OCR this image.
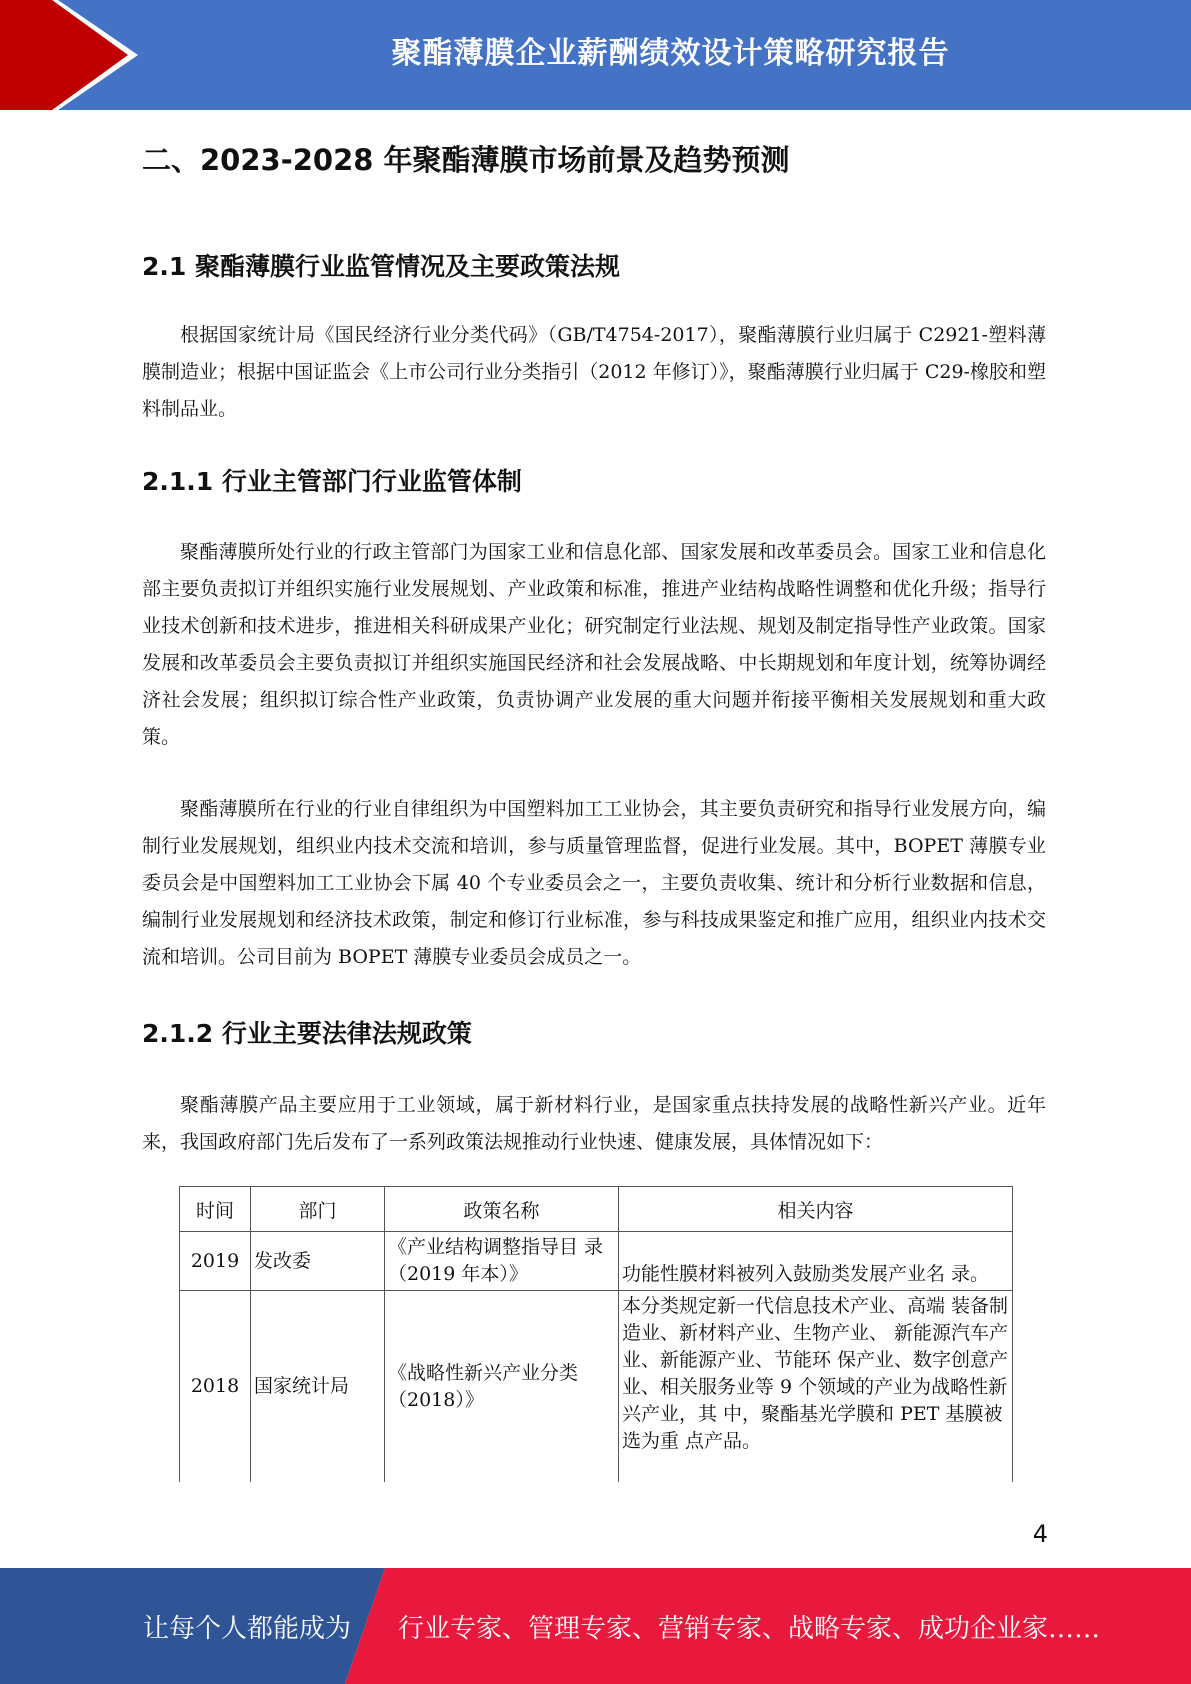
聚酯薄膜企业薪酬绩效设计策略研究报告
二、2023-2028 年聚酯薄膜市场前景及趋势预测
2.1 聚酯薄膜行业监管情况及主要政策法规

根据国家统计局《国民经济行业分类代码》（GB/T4754-2017），聚酯薄膜行业归属于 C2921-塑料薄膜制造业；根据中国证监会《上市公司行业分类指引（2012 年修订）》，聚酯薄膜行业归属于 C29-橡胶和塑料制品业。

2.1.1 行业主管部门行业监管体制

聚酯薄膜所处行业的行政主管部门为国家工业和信息化部、国家发展和改革委员会。国家工业和信息化部主要负责拟订并组织实施行业发展规划、产业政策和标准，推进产业结构战略性调整和优化升级；指导行业技术创新和技术进步，推进相关科研成果产业化；研究制定行业法规、规划及制定指导性产业政策。国家发展和改革委员会主要负责拟订并组织实施国民经济和社会发展战略、中长期规划和年度计划，统筹协调经济社会发展；组织拟订综合性产业政策，负责协调产业发展的重大问题并衔接平衡相关发展规划和重大政策。

聚酯薄膜所在行业的行业自律组织为中国塑料加工工业协会，其主要负责研究和指导行业发展方向，编制行业发展规划，组织业内技术交流和培训，参与质量管理监督，促进行业发展。其中，BOPET 薄膜专业委员会是中国塑料加工工业协会下属 40 个专业委员会之一，主要负责收集、统计和分析行业数据和信息，编制行业发展规划和经济技术政策，制定和修订行业标准，参与科技成果鉴定和推广应用，组织业内技术交流和培训。公司目前为 BOPET 薄膜专业委员会成员之一。

2.1.2 行业主要法律法规政策

聚酯薄膜产品主要应用于工业领域，属于新材料行业，是国家重点扶持发展的战略性新兴产业。近年来，我国政府部门先后发布了一系列政策法规推动行业快速、健康发展，具体情况如下：

时间	部门	政策名称	相关内容
2019	发改委	《产业结构调整指导目 录（2019 年本）》	功能性膜材料被列入鼓励类发展产业名 录。
2018	国家统计局	《战略性新兴产业分类（2018）》	本分类规定新一代信息技术产业、高端 装备制造业、新材料产业、生物产业、 新能源汽车产业、新能源产业、节能环 保产业、数字创意产业、相关服务业等 9 个领域的产业为战略性新兴产业，其 中，聚酯基光学膜和 PET 基膜被选为重 点产品。
4
让每个人都能成为 行业专家、管理专家、营销专家、战略专家、成功企业家……
